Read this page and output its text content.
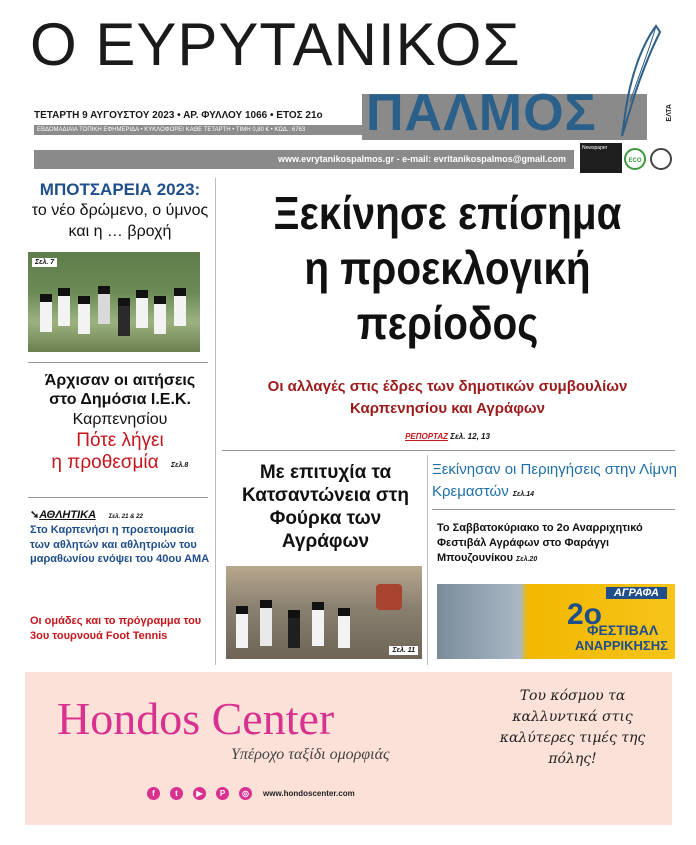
Ο ΕΥΡΥΤΑΝΙΚΟΣ
ΠΑΛΜΟΣ	ΕΛΤΑ
ΤΕΤΑΡΤΗ 9 ΑΥΓΟΥΣΤΟΥ 2023 • ΑΡ. ΦΥΛΛΟΥ 1066 • ΕΤΟΣ 21ο
ΕΒΔΟΜΑΔΙΑΙΑ ΤΟΠΙΚΗ ΕΦΗΜΕΡΙΔΑ • ΚΥΚΛΟΦΟΡΕΙ ΚΑΘΕ ΤΕΤΑΡΤΗ • ΤΙΜΗ 0,80 € • ΚΩΔ.: 6763
www.evrytanikospalmos.gr - e-mail: evritanikospalmos@gmail.com
Newspaper
ECO
ΜΠΟΤΣΑΡΕΙΑ 2023:
το νέο δρώμενο, ο ύμνος και η … βροχή
Σελ. 7
Άρχισαν οι αιτήσεις
στο Δημόσια Ι.Ε.Κ.
Καρπενησίου
Πότε λήγει
η προθεσμία	Σελ.8
➘ΑΘΛΗΤΙΚΑ Σελ. 21 & 22
Στο Καρπενήσι η προετοιμασία των αθλητών και αθλητριών του μαραθωνίου ενόψει του 40ου ΑΜΑ
Οι ομάδες και το πρόγραμμα του 3ου τουρνουά Foot Tennis
Ξεκίνησε επίσημα
η προεκλογική
περίοδος
Οι αλλαγές στις έδρες των δημοτικών συμβουλίων
Καρπενησίου και Αγράφων
ΡΕΠΟΡΤΑΖ Σελ. 12, 13
Με επιτυχία τα Κατσαντώνεια στη Φούρκα των Αγράφων
Σελ. 11
Ξεκίνησαν οι Περιηγήσεις στην Λίμνη Κρεμαστών Σελ.14
Το Σαββατοκύριακο το 2ο Αναρριχητικό Φεστιβάλ Αγράφων στο Φαράγγι Μπουζουνίκου Σελ.20
ΑΓΡΑΦΑ
2ο
ΦΕΣΤΙΒΑΛ
ΑΝΑΡΡΙΚΗΣΗΣ
Hondos Center
Υπέροχο ταξίδι ομορφιάς
Του κόσμου τα καλλυντικά στις καλύτερες τιμές της πόλης!
f	t	▶	P	◎	www.hondoscenter.com
